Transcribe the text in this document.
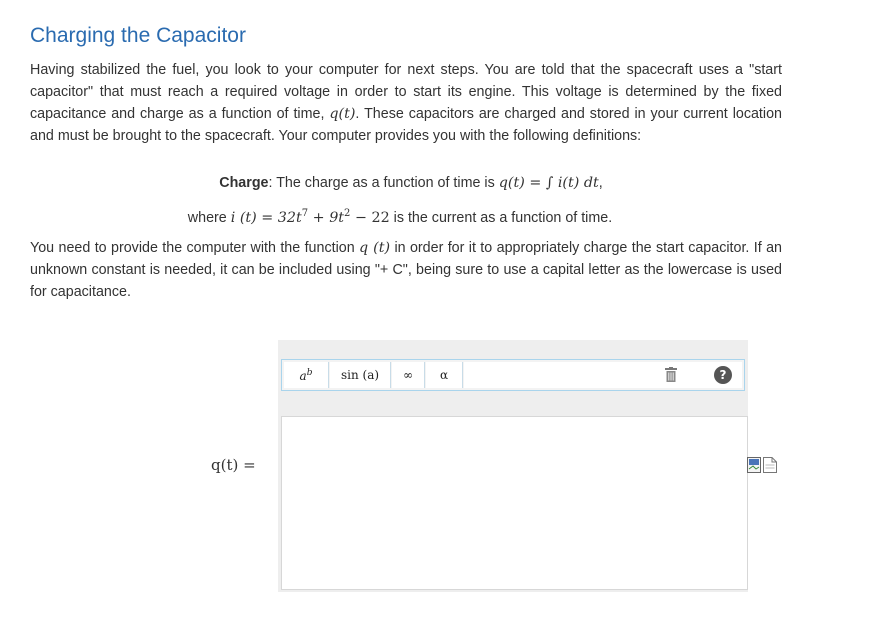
Charging the Capacitor

Having stabilized the fuel, you look to your computer for next steps. You are told that the spacecraft uses a "start capacitor" that must reach a required voltage in order to start its engine. This voltage is determined by the fixed capacitance and charge as a function of time, q(t). These capacitors are charged and stored in your current location and must be brought to the spacecraft. Your computer provides you with the following definitions:

Charge: The charge as a function of time is q(t) = ∫ i(t) dt,
where i $(t) = 32t^7 + 9t^2 - 22$ is the current as a function of time.

You need to provide the computer with the function q (t) in order for it to appropriately charge the start capacitor. If an unknown constant is needed, it can be included using "+ C", being sure to use a capital letter as the lowercase is used for capacitance.

q(t) =
$a^b$	sin (a)	∞	α	?
